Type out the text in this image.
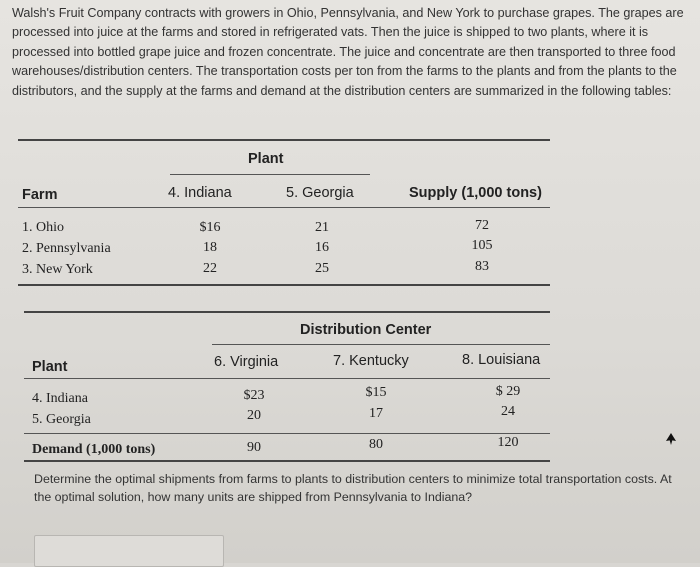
Walsh's Fruit Company contracts with growers in Ohio, Pennsylvania, and New York to purchase grapes. The grapes are processed into juice at the farms and stored in refrigerated vats. Then the juice is shipped to two plants, where it is processed into bottled grape juice and frozen concentrate. The juice and concentrate are then transported to three food warehouses/distribution centers. The transportation costs per ton from the farms to the plants and from the plants to the distributors, and the supply at the farms and demand at the distribution centers are summarized in the following tables:
Plant
Farm	4. Indiana	5. Georgia	Supply (1,000 tons)
1. Ohio	$16	21	72
2. Pennsylvania	18	16	105
3. New York	22	25	83
Distribution Center
Plant	6. Virginia	7. Kentucky	8. Louisiana
4. Indiana	$23	$15	$ 29
5. Georgia	20	17	24
Demand (1,000 tons)	90	80	120
Determine the optimal shipments from farms to plants to distribution centers to minimize total transportation costs. At the optimal solution, how many units are shipped from Pennsylvania to Indiana?
